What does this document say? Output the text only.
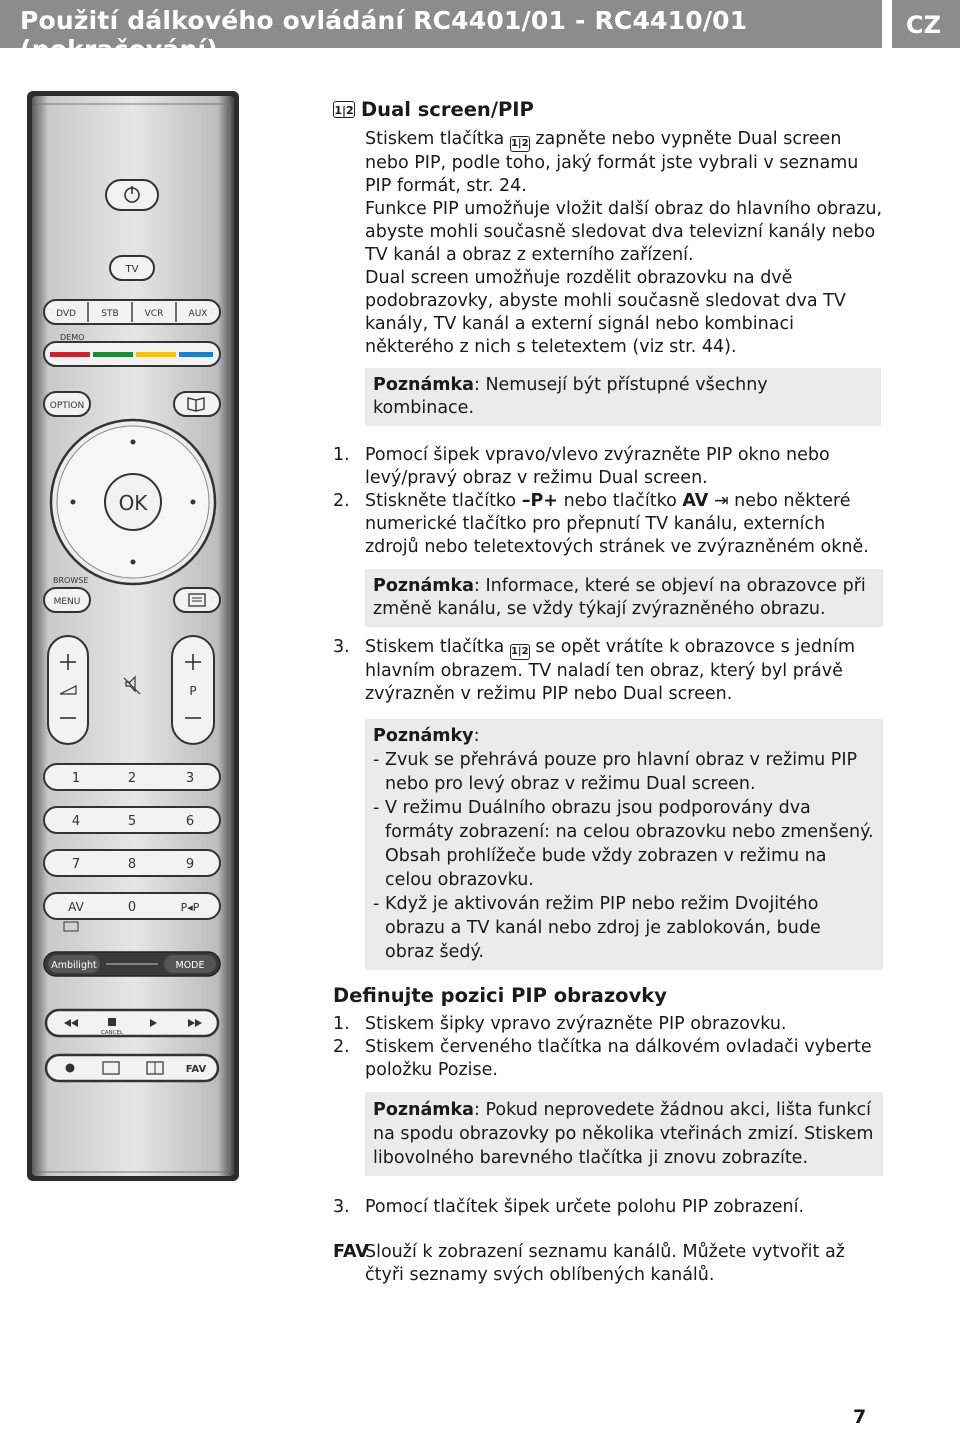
Použití dálkového ovládání RC4401/01 - RC4410/01 (pokračování)
CZ
TV
DVD	STB	VCR	AUX
DEMO
OPTION
OK
BROWSE
MENU
P
1	2	3
4	5	6
7	8	9
AV	0	P◂P
Ambilight	MODE
CANCEL
FAV
1|2 Dual screen/PIP

Stiskem tlačítka 1|2 zapněte nebo vypněte Dual screen nebo PIP, podle toho, jaký formát jste vybrali v seznamu PIP formát, str. 24.

Funkce PIP umožňuje vložit další obraz do hlavního obrazu, abyste mohli současně sledovat dva televizní kanály nebo TV kanál a obraz z externího zařízení.

Dual screen umožňuje rozdělit obrazovku na dvě podobrazovky, abyste mohli současně sledovat dva TV kanály, TV kanál a externí signál nebo kombinaci některého z nich s teletextem (viz str. 44).

Poznámka: Nemusejí být přístupné všechny kombinace.
1. Pomocí šipek vpravo/vlevo zvýrazněte PIP okno nebo levý/pravý obraz v režimu Dual screen.
2. Stiskněte tlačítko –P+ nebo tlačítko AV ⇥ nebo některé numerické tlačítko pro přepnutí TV kanálu, externích zdrojů nebo teletextových stránek ve zvýrazněném okně.
Poznámka: Informace, které se objeví na obrazovce při změně kanálu, se vždy týkají zvýrazněného obrazu.
3. Stiskem tlačítka 1|2 se opět vrátíte k obrazovce s jedním hlavním obrazem. TV naladí ten obraz, který byl právě zvýrazněn v režimu PIP nebo Dual screen.
Poznámky:
- Zvuk se přehrává pouze pro hlavní obraz v režimu PIP nebo pro levý obraz v režimu Dual screen.
- V režimu Duálního obrazu jsou podporovány dva formáty zobrazení: na celou obrazovku nebo zmenšený. Obsah prohlížeče bude vždy zobrazen v režimu na celou obrazovku.
- Když je aktivován režim PIP nebo režim Dvojitého obrazu a TV kanál nebo zdroj je zablokován, bude obraz šedý.
Definujte pozici PIP obrazovky
1. Stiskem šipky vpravo zvýrazněte PIP obrazovku.
2. Stiskem červeného tlačítka na dálkovém ovladači vyberte položku Pozise.
Poznámka: Pokud neprovedete žádnou akci, lišta funkcí na spodu obrazovky po několika vteřinách zmizí. Stiskem libovolného barevného tlačítka ji znovu zobrazíte.
3. Pomocí tlačítek šipek určete polohu PIP zobrazení.
FAV
Slouží k zobrazení seznamu kanálů. Můžete vytvořit až čtyři seznamy svých oblíbených kanálů.
7
